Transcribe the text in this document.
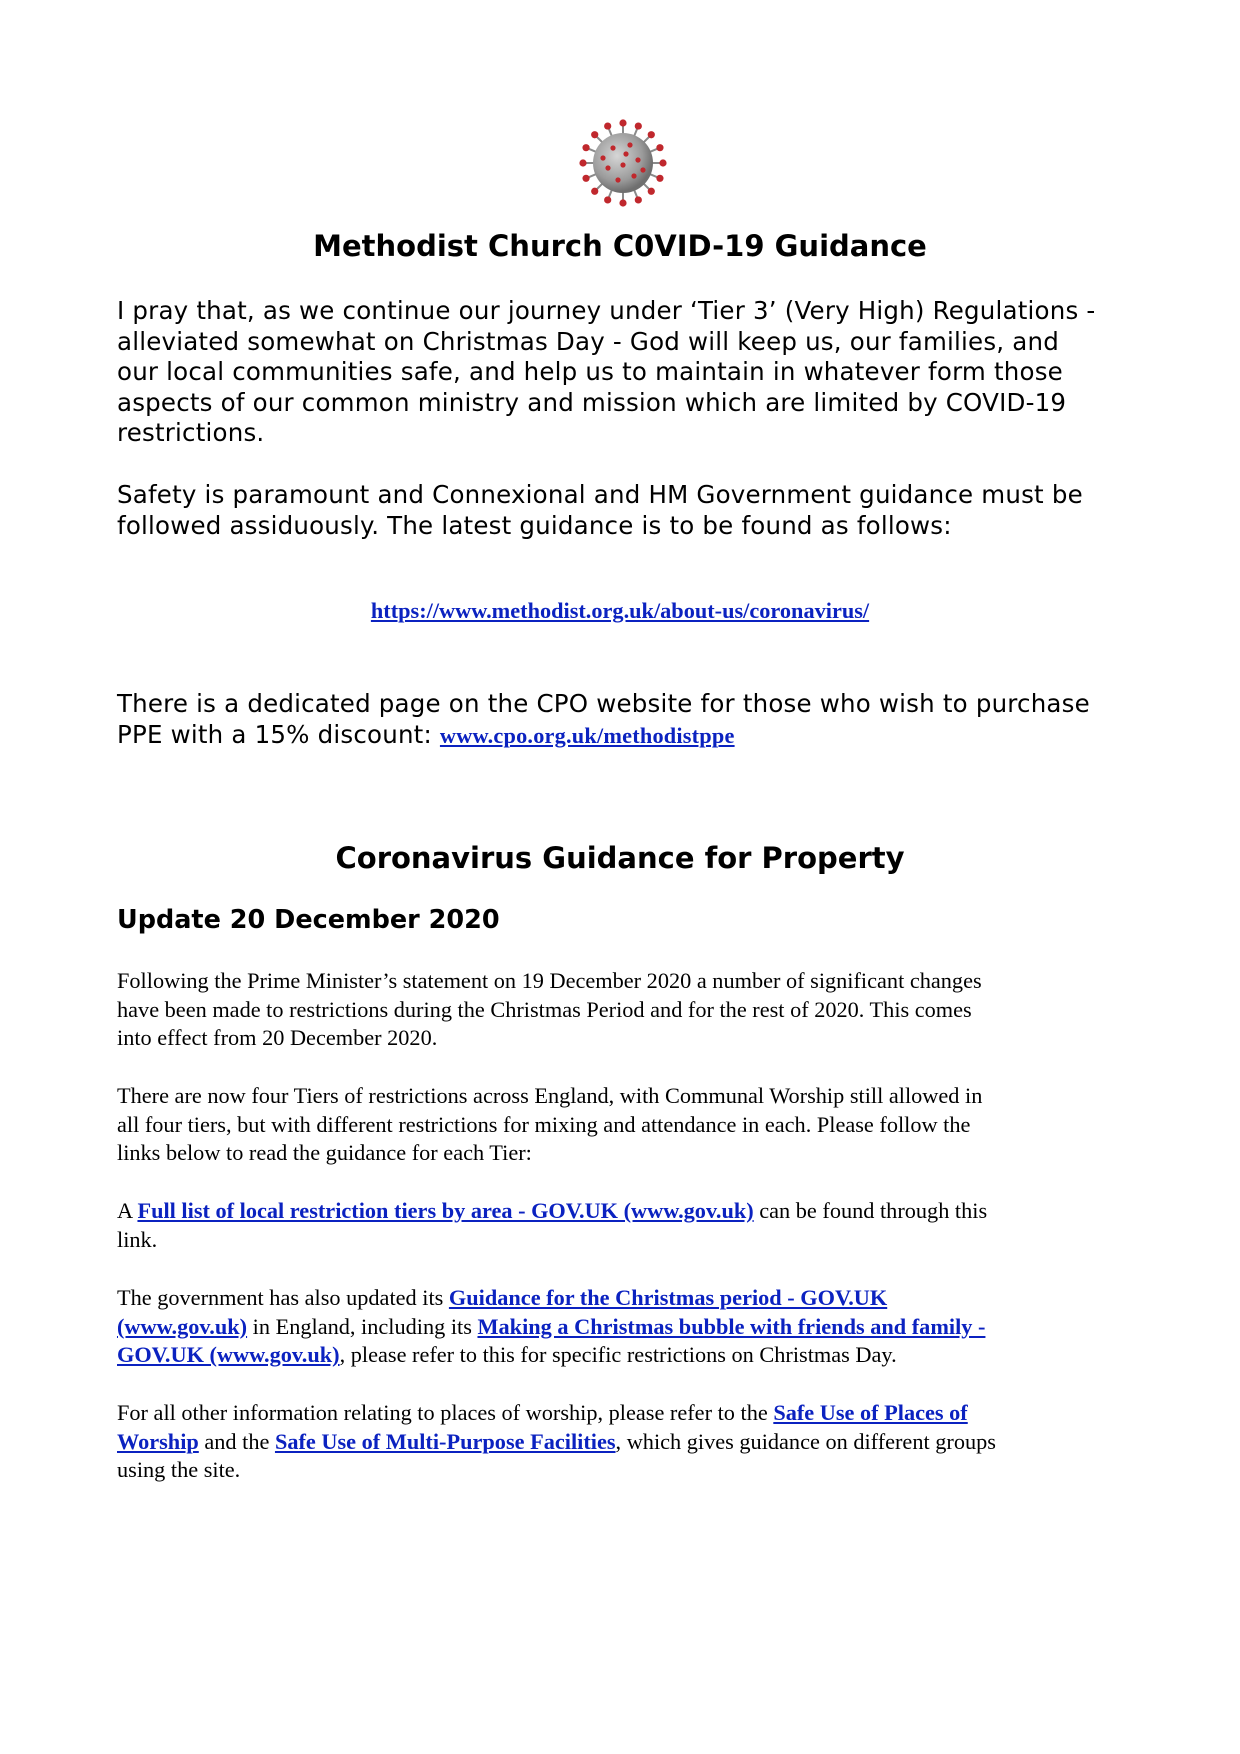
Methodist Church C0VID-19 Guidance
I pray that, as we continue our journey under ‘Tier 3’ (Very High) Regulations -
alleviated somewhat on Christmas Day - God will keep us, our families, and
our local communities safe, and help us to maintain in whatever form those
aspects of our common ministry and mission which are limited by COVID-19
restrictions.
Safety is paramount and Connexional and HM Government guidance must be
followed assiduously. The latest guidance is to be found as follows:
https://www.methodist.org.uk/about-us/coronavirus/
There is a dedicated page on the CPO website for those who wish to purchase
PPE with a 15% discount: www.cpo.org.uk/methodistppe
Coronavirus Guidance for Property
Update 20 December 2020
Following the Prime Minister’s statement on 19 December 2020 a number of significant changes
have been made to restrictions during the Christmas Period and for the rest of 2020. This comes
into effect from 20 December 2020.
There are now four Tiers of restrictions across England, with Communal Worship still allowed in
all four tiers, but with different restrictions for mixing and attendance in each. Please follow the
links below to read the guidance for each Tier:
A Full list of local restriction tiers by area - GOV.UK (www.gov.uk) can be found through this
link.
The government has also updated its Guidance for the Christmas period - GOV.UK
(www.gov.uk) in England, including its Making a Christmas bubble with friends and family -
GOV.UK (www.gov.uk), please refer to this for specific restrictions on Christmas Day.
For all other information relating to places of worship, please refer to the Safe Use of Places of
Worship and the Safe Use of Multi-Purpose Facilities, which gives guidance on different groups
using the site.
